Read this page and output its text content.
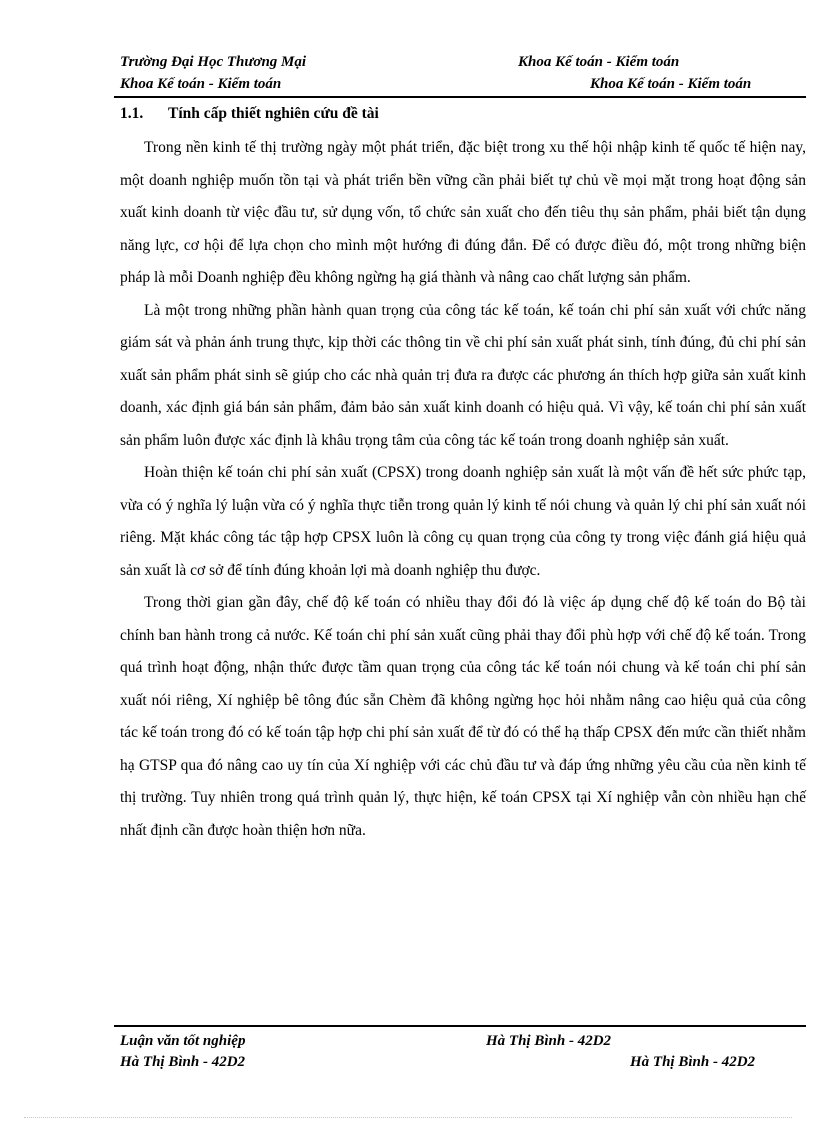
Trường Đại Học Thương Mại	Khoa Kế toán - Kiểm toán
Khoa Kế toán - Kiểm toán	Khoa Kế toán - Kiểm toán
1.1. Tính cấp thiết nghiên cứu đề tài

Trong nền kinh tế thị trường ngày một phát triển, đặc biệt trong xu thế hội nhập kinh tế quốc tế hiện nay, một doanh nghiệp muốn tồn tại và phát triển bền vững cần phải biết tự chủ về mọi mặt trong hoạt động sản xuất kinh doanh từ việc đầu tư, sử dụng vốn, tổ chức sản xuất cho đến tiêu thụ sản phẩm, phải biết tận dụng năng lực, cơ hội để lựa chọn cho mình một hướng đi đúng đắn. Để có được điều đó, một trong những biện pháp là mỗi Doanh nghiệp đều không ngừng hạ giá thành và nâng cao chất lượng sản phẩm.

Là một trong những phần hành quan trọng của công tác kế toán, kế toán chi phí sản xuất với chức năng giám sát và phản ánh trung thực, kịp thời các thông tin về chi phí sản xuất phát sinh, tính đúng, đủ chi phí sản xuất sản phẩm phát sinh sẽ giúp cho các nhà quản trị đưa ra được các phương án thích hợp giữa sản xuất kinh doanh, xác định giá bán sản phẩm, đảm bảo sản xuất kinh doanh có hiệu quả. Vì vậy, kế toán chi phí sản xuất sản phẩm luôn được xác định là khâu trọng tâm của công tác kế toán trong doanh nghiệp sản xuất.

Hoàn thiện kế toán chi phí sản xuất (CPSX) trong doanh nghiệp sản xuất là một vấn đề hết sức phức tạp, vừa có ý nghĩa lý luận vừa có ý nghĩa thực tiễn trong quản lý kinh tế nói chung và quản lý chi phí sản xuất nói riêng. Mặt khác công tác tập hợp CPSX luôn là công cụ quan trọng của công ty trong việc đánh giá hiệu quả sản xuất là cơ sở để tính đúng khoản lợi mà doanh nghiệp thu được.

Trong thời gian gần đây, chế độ kế toán có nhiều thay đổi đó là việc áp dụng chế độ kế toán do Bộ tài chính ban hành trong cả nước. Kế toán chi phí sản xuất cũng phải thay đổi phù hợp với chế độ kế toán. Trong quá trình hoạt động, nhận thức được tầm quan trọng của công tác kế toán nói chung và kế toán chi phí sản xuất nói riêng, Xí nghiệp bê tông đúc sẵn Chèm đã không ngừng học hỏi nhằm nâng cao hiệu quả của công tác kế toán trong đó có kế toán tập hợp chi phí sản xuất để từ đó có thể hạ thấp CPSX đến mức cần thiết nhằm hạ GTSP qua đó nâng cao uy tín của Xí nghiệp với các chủ đầu tư và đáp ứng những yêu cầu của nền kinh tế thị trường. Tuy nhiên trong quá trình quản lý, thực hiện, kế toán CPSX tại Xí nghiệp vẫn còn nhiều hạn chế nhất định cần được hoàn thiện hơn nữa.

Luận văn tốt nghiệp	Hà Thị Bình - 42D2
Hà Thị Bình - 42D2	Hà Thị Bình - 42D2
